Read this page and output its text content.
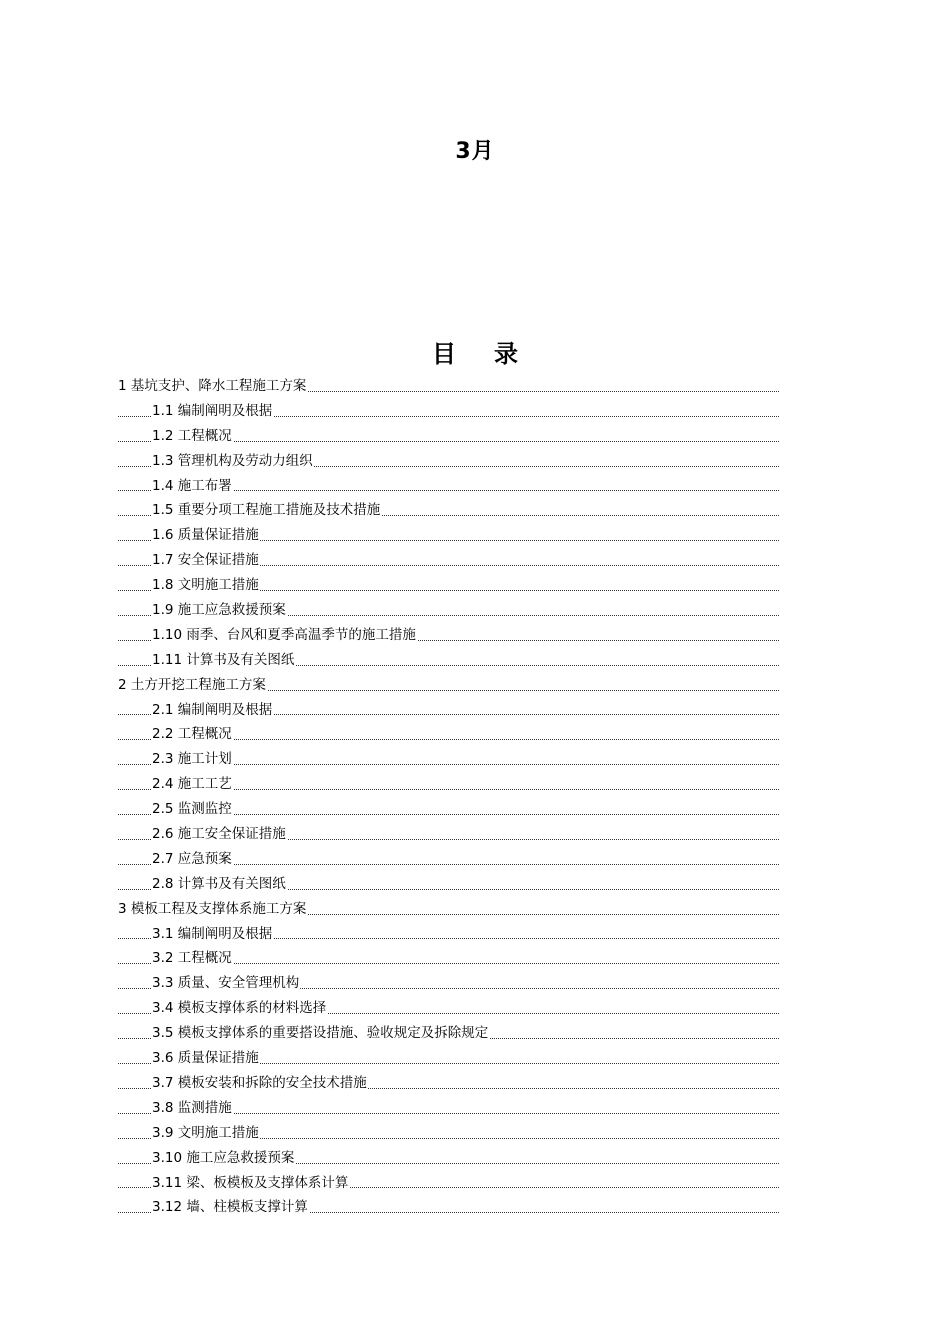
3月
目 录
1 基坑支护、降水工程施工方案
1.1 编制阐明及根据
1.2 工程概况
1.3 管理机构及劳动力组织
1.4 施工布署
1.5 重要分项工程施工措施及技术措施
1.6 质量保证措施
1.7 安全保证措施
1.8 文明施工措施
1.9 施工应急救援预案
1.10 雨季、台风和夏季高温季节的施工措施
1.11 计算书及有关图纸
2 土方开挖工程施工方案
2.1 编制阐明及根据
2.2 工程概况
2.3 施工计划
2.4 施工工艺
2.5 监测监控
2.6 施工安全保证措施
2.7 应急预案
2.8 计算书及有关图纸
3 模板工程及支撑体系施工方案
3.1 编制阐明及根据
3.2 工程概况
3.3 质量、安全管理机构
3.4 模板支撑体系的材料选择
3.5 模板支撑体系的重要搭设措施、验收规定及拆除规定
3.6 质量保证措施
3.7 模板安装和拆除的安全技术措施
3.8 监测措施
3.9 文明施工措施
3.10 施工应急救援预案
3.11 梁、板模板及支撑体系计算
3.12 墙、柱模板支撑计算
